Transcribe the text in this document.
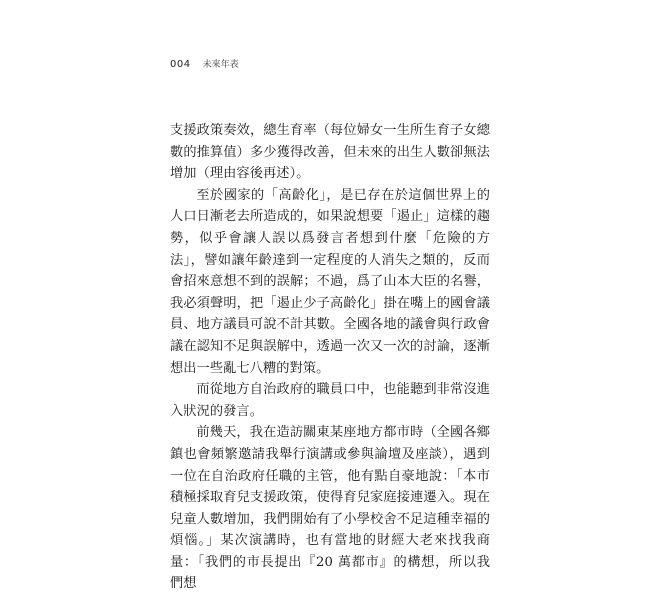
004 未來年表

支援政策奏效，總生育率（每位婦女一生所生育子女總數的推算值）多少獲得改善，但未來的出生人數卻無法增加（理由容後再述）。

至於國家的「高齡化」，是已存在於這個世界上的人口日漸老去所造成的，如果說想要「遏止」這樣的趨勢，似乎會讓人誤以爲發言者想到什麼「危險的方法」，譬如讓年齡達到一定程度的人消失之類的，反而會招來意想不到的誤解；不過，爲了山本大臣的名譽，我必須聲明，把「遏止少子高齡化」掛在嘴上的國會議員、地方議員可說不計其數。全國各地的議會與行政會議在認知不足與誤解中，透過一次又一次的討論，逐漸想出一些亂七八糟的對策。

而從地方自治政府的職員口中，也能聽到非常沒進入狀況的發言。

前幾天，我在造訪關東某座地方都市時（全國各鄉鎮也會頻繁邀請我舉行演講或參與論壇及座談），遇到一位在自治政府任職的主管，他有點自豪地說：「本市積極採取育兒支援政策，使得育兒家庭接連遷入。現在兒童人數增加，我們開始有了小學校舍不足這種幸福的煩惱。」某次演講時，也有當地的財經大老來找我商量：「我們的市長提出『20 萬都市』的構想，所以我們想
